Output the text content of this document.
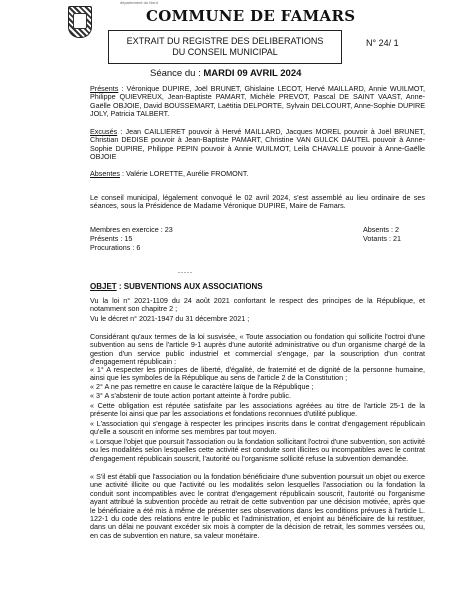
département du Nord
COMMUNE DE FAMARS
EXTRAIT DU REGISTRE DES DELIBERATIONS
DU CONSEIL MUNICIPAL
N° 24/ 1
Séance du : MARDI 09 AVRIL 2024
Présents : Véronique DUPIRE, Joël BRUNET, Ghislaine LECOT, Hervé MAILLARD, Annie WUILMOT, Philippe QUIEVREUX, Jean-Baptiste PAMART, Michèle PREVOT, Pascal DE SAINT VAAST, Anne-Gaëlle OBJOIE, David BOUSSEMART, Laëtitia DELPORTE, Sylvain DELCOURT, Anne-Sophie DUPIRE JOLY, Patricia TALBERT.
Excusés : Jean CAILLIERET pouvoir à Hervé MAILLARD, Jacques MOREL pouvoir à Joël BRUNET, Christian DEDISE pouvoir à Jean-Baptiste PAMART, Christine VAN GULCK DAUTEL pouvoir à Anne-Sophie DUPIRE, Philippe PEPIN pouvoir à Annie WUILMOT, Leila CHAVALLE pouvoir à Anne-Gaëlle OBJOIE
Absentes : Valérie LORETTE, Aurélie FROMONT.
Le conseil municipal, légalement convoqué le 02 avril 2024, s'est assemblé au lieu ordinaire de ses séances, sous la Présidence de Madame Véronique DUPIRE, Maire de Famars.
Membres en exercice : 23	Absents : 2
Présents : 15	Votants : 21
Procurations : 6
-----
OBJET : SUBVENTIONS AUX ASSOCIATIONS
Vu la loi n° 2021-1109 du 24 août 2021 confortant le respect des principes de la République, et notamment son chapitre 2 ;
Vu le décret n° 2021-1947 du 31 décembre 2021 ;
Considérant qu'aux termes de la loi susvisée, « Toute association ou fondation qui sollicite l'octroi d'une subvention au sens de l'article 9-1 auprès d'une autorité administrative ou d'un organisme chargé de la gestion d'un service public industriel et commercial s'engage, par la souscription d'un contrat d'engagement républicain :
« 1° A respecter les principes de liberté, d'égalité, de fraternité et de dignité de la personne humaine, ainsi que les symboles de la République au sens de l'article 2 de la Constitution ;
« 2° A ne pas remettre en cause le caractère laïque de la République ;
« 3° A s'abstenir de toute action portant atteinte à l'ordre public.
« Cette obligation est réputée satisfaite par les associations agréées au titre de l'article 25-1 de la présente loi ainsi que par les associations et fondations reconnues d'utilité publique.
« L'association qui s'engage à respecter les principes inscrits dans le contrat d'engagement républicain qu'elle a souscrit en informe ses membres par tout moyen.
« Lorsque l'objet que poursuit l'association ou la fondation sollicitant l'octroi d'une subvention, son activité ou les modalités selon lesquelles cette activité est conduite sont illicites ou incompatibles avec le contrat d'engagement républicain souscrit, l'autorité ou l'organisme sollicité refuse la subvention demandée.
« S'il est établi que l'association ou la fondation bénéficiaire d'une subvention poursuit un objet ou exerce une activité illicite ou que l'activité ou les modalités selon lesquelles l'association ou la fondation la conduit sont incompatibles avec le contrat d'engagement républicain souscrit, l'autorité ou l'organisme ayant attribué la subvention procède au retrait de cette subvention par une décision motivée, après que le bénéficiaire a été mis à même de présenter ses observations dans les conditions prévues à l'article L. 122-1 du code des relations entre le public et l'administration, et enjoint au bénéficiaire de lui restituer, dans un délai ne pouvant excéder six mois à compter de la décision de retrait, les sommes versées ou, en cas de subvention en nature, sa valeur monétaire.
